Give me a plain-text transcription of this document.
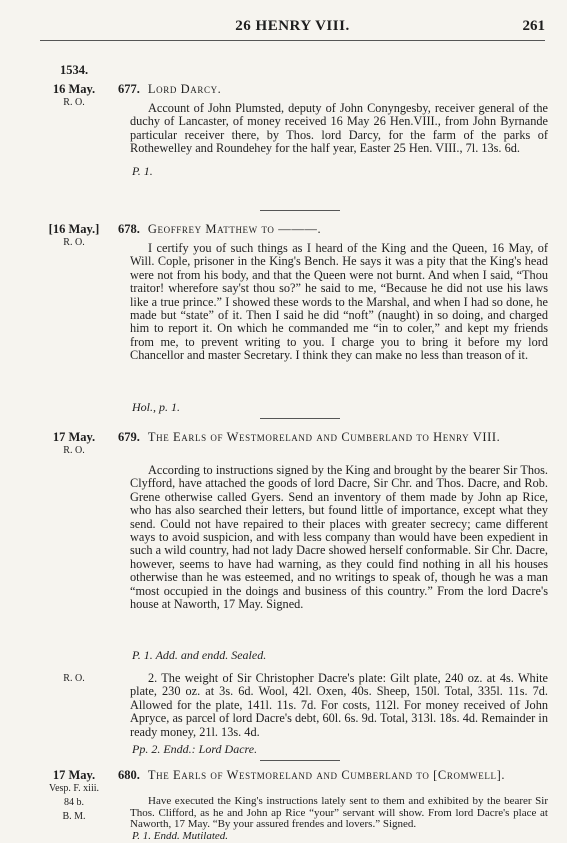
26 HENRY VIII.	261
1534.
16 May.
R. O.
677. Lord Darcy.
Account of John Plumsted, deputy of John Conyngesby, receiver general of the duchy of Lancaster, of money received 16 May 26 Hen.VIII., from John Byrnande particular receiver there, by Thos. lord Darcy, for the farm of the parks of Rothewelley and Roundehey for the half year, Easter 25 Hen. VIII., 7l. 13s. 6d.
P. 1.
[16 May.]
R. O.
678. Geoffrey Matthew to ———.
I certify you of such things as I heard of the King and the Queen, 16 May, of Will. Cople, prisoner in the King's Bench. He says it was a pity that the King's head were not from his body, and that the Queen were not burnt. And when I said, “Thou traitor! wherefore say'st thou so?” he said to me, “Because he did not use his laws like a true prince.” I showed these words to the Marshal, and when I had so done, he made but “state” of it. Then I said he did “noft” (naught) in so doing, and charged him to report it. On which he commanded me “in to coler,” and kept my friends from me, to prevent writing to you. I charge you to bring it before my lord Chancellor and master Secretary. I think they can make no less than treason of it.
Hol., p. 1.
17 May.
R. O.
679. The Earls of Westmoreland and Cumberland to Henry VIII.
According to instructions signed by the King and brought by the bearer Sir Thos. Clyfford, have attached the goods of lord Dacre, Sir Chr. and Thos. Dacre, and Rob. Grene otherwise called Gyers. Send an inventory of them made by John ap Rice, who has also searched their letters, but found little of importance, except what they send. Could not have repaired to their places with greater secrecy; came different ways to avoid suspicion, and with less company than would have been expedient in such a wild country, had not lady Dacre showed herself conformable. Sir Chr. Dacre, however, seems to have had warning, as they could find nothing in all his houses otherwise than he was esteemed, and no writings to speak of, though he was a man “most occupied in the doings and business of this country.” From the lord Dacre's house at Naworth, 17 May. Signed.
P. 1. Add. and endd. Sealed.
R. O.	2. The weight of Sir Christopher Dacre's plate: Gilt plate, 240 oz. at 4s. White plate, 230 oz. at 3s. 6d. Wool, 42l. Oxen, 40s. Sheep, 150l. Total, 335l. 11s. 7d. Allowed for the plate, 141l. 11s. 7d. For costs, 112l. For money received of John Apryce, as parcel of lord Dacre's debt, 60l. 6s. 9d. Total, 313l. 18s. 4d. Remainder in ready money, 21l. 13s. 4d.
Pp. 2. Endd.: Lord Dacre.
17 May.
Vesp. F. xiii.
84 b.
B. M.
680. The Earls of Westmoreland and Cumberland to [Cromwell].
Have executed the King's instructions lately sent to them and exhibited by the bearer Sir Thos. Clifford, as he and John ap Rice “your” servant will show. From lord Dacre's place at Naworth, 17 May. “By your assured frendes and lovers.” Signed.
P. 1. Endd. Mutilated.
